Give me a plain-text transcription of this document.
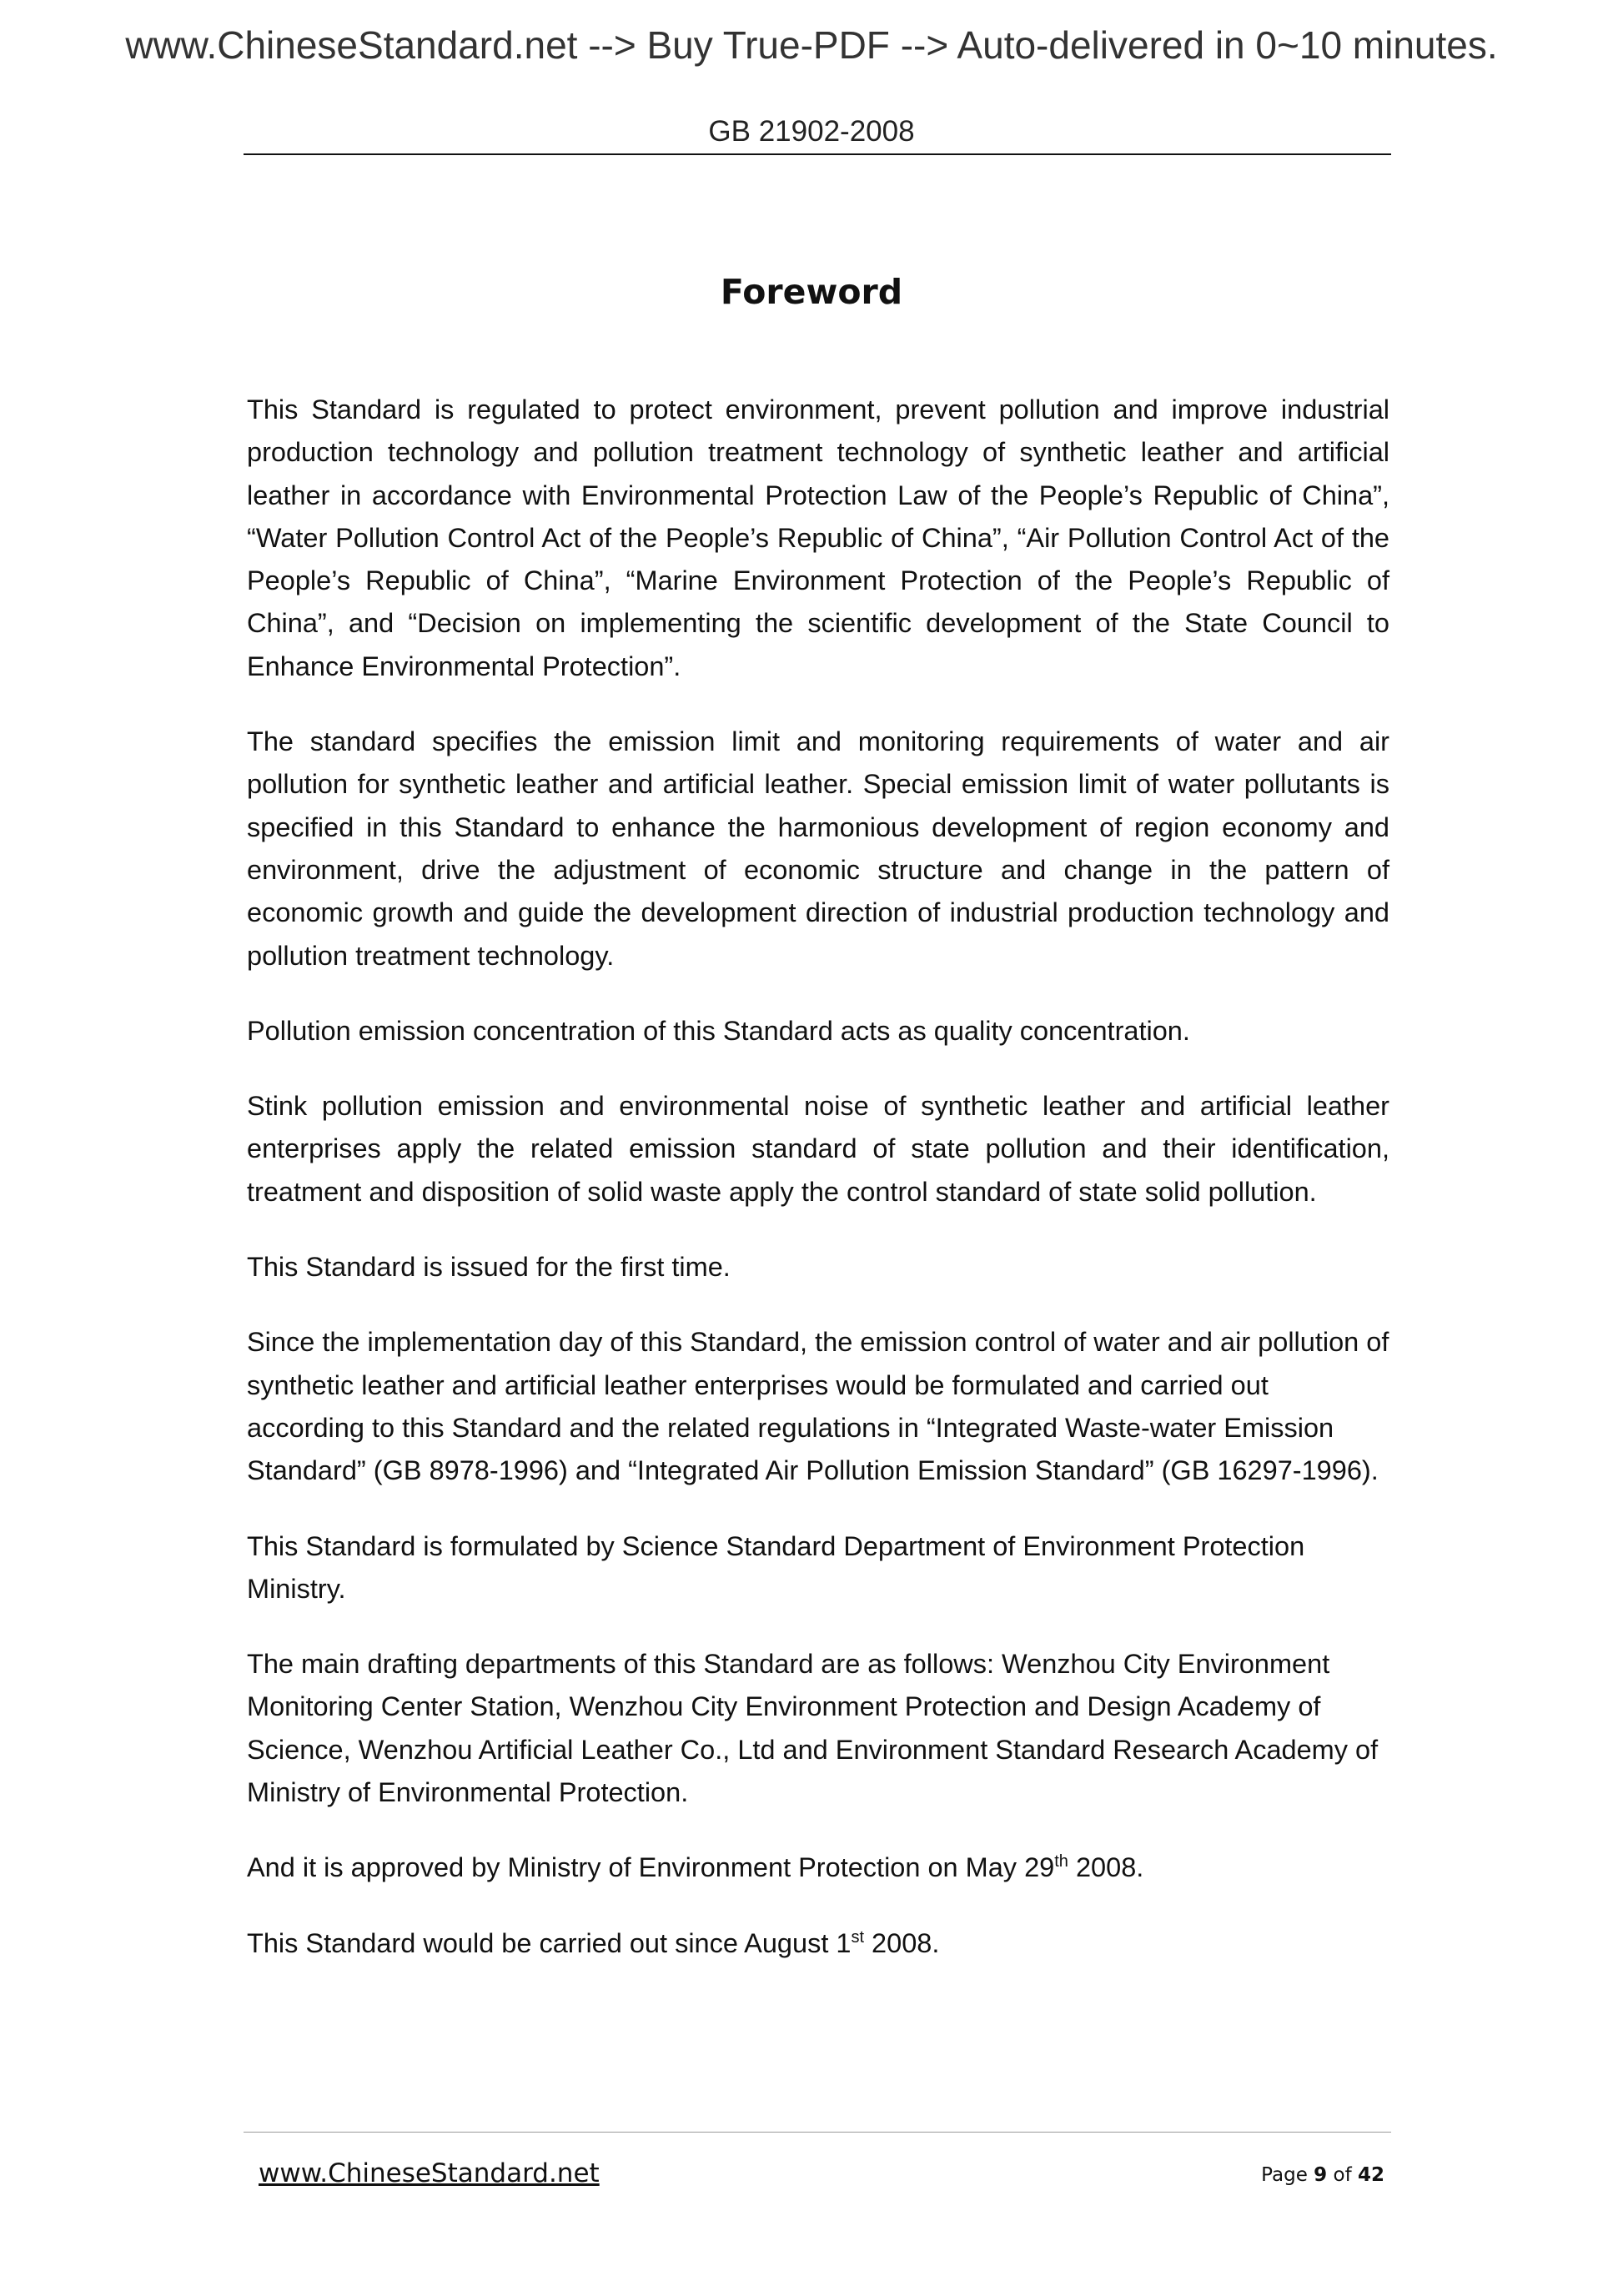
www.ChineseStandard.net --> Buy True-PDF --> Auto-delivered in 0~10 minutes.
GB 21902-2008
Foreword

This Standard is regulated to protect environment, prevent pollution and improve industrial production technology and pollution treatment technology of synthetic leather and artificial leather in accordance with Environmental Protection Law of the People’s Republic of China”, “Water Pollution Control Act of the People’s Republic of China”, “Air Pollution Control Act of the People’s Republic of China”, “Marine Environment Protection of the People’s Republic of China”, and “Decision on implementing the scientific development of the State Council to Enhance Environmental Protection”.

The standard specifies the emission limit and monitoring requirements of water and air pollution for synthetic leather and artificial leather. Special emission limit of water pollutants is specified in this Standard to enhance the harmonious development of region economy and environment, drive the adjustment of economic structure and change in the pattern of economic growth and guide the development direction of industrial production technology and pollution treatment technology.

Pollution emission concentration of this Standard acts as quality concentration.

Stink pollution emission and environmental noise of synthetic leather and artificial leather enterprises apply the related emission standard of state pollution and their identification, treatment and disposition of solid waste apply the control standard of state solid pollution.

This Standard is issued for the first time.

Since the implementation day of this Standard, the emission control of water and air pollution of synthetic leather and artificial leather enterprises would be formulated and carried out according to this Standard and the related regulations in “Integrated Waste-water Emission Standard” (GB 8978-1996) and “Integrated Air Pollution Emission Standard” (GB 16297-1996).

This Standard is formulated by Science Standard Department of Environment Protection Ministry.

The main drafting departments of this Standard are as follows: Wenzhou City Environment Monitoring Center Station, Wenzhou City Environment Protection and Design Academy of Science, Wenzhou Artificial Leather Co., Ltd and Environment Standard Research Academy of Ministry of Environmental Protection.

And it is approved by Ministry of Environment Protection on May 29th 2008.

This Standard would be carried out since August 1st 2008.

www.ChineseStandard.net	Page 9 of 42
